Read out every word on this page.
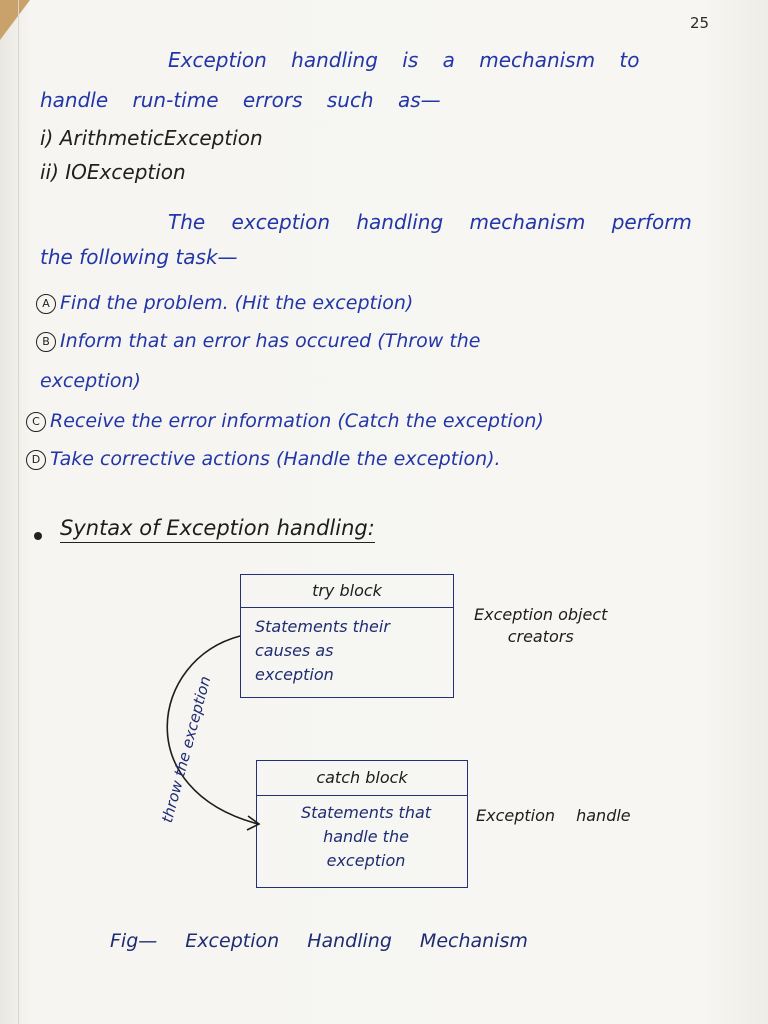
25
Exception handling is a mechanism to
handle run-time errors such as—
i) ArithmeticException
ii) IOException
The exception handling mechanism perform
the following task—
A Find the problem. (Hit the exception)
B Inform that an error has occured (Throw the
exception)
C Receive the error information (Catch the exception)
D Take corrective actions (Handle the exception).
Syntax of Exception handling:
try block
Statements their
causes as
exception
Exception object
creators
catch block
Statements that
handle the
exception
Exception handle
throw the exception
Fig— Exception Handling Mechanism
